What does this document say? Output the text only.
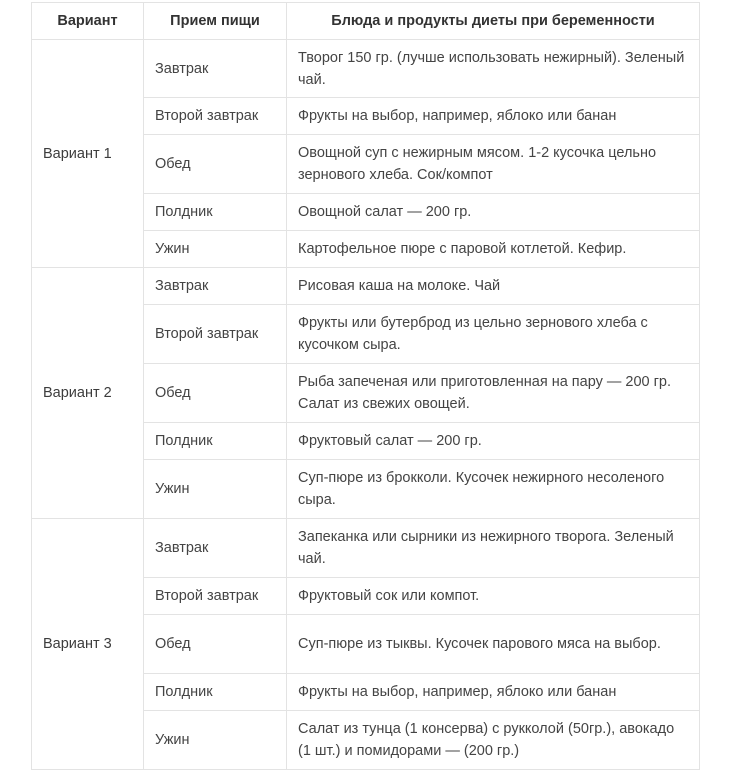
Вариант	Прием пищи	Блюда и продукты диеты при беременности
Вариант 1	Завтрак	Творог 150 гр. (лучше использовать нежирный). Зеленый чай.
	Второй завтрак	Фрукты на выбор, например, яблоко или банан
	Обед	Овощной суп с нежирным мясом. 1-2 кусочка цельно зернового хлеба. Сок/компот
	Полдник	Овощной салат — 200 гр.
	Ужин	Картофельное пюре с паровой котлетой. Кефир.
Вариант 2	Завтрак	Рисовая каша на молоке. Чай
	Второй завтрак	Фрукты или бутерброд из цельно зернового хлеба с кусочком сыра.
	Обед	Рыба запеченая или приготовленная на пару — 200 гр. Салат из свежих овощей.
	Полдник	Фруктовый салат — 200 гр.
	Ужин	Суп-пюре из брокколи. Кусочек нежирного несоленого сыра.
Вариант 3	Завтрак	Запеканка или сырники из нежирного творога. Зеленый чай.
	Второй завтрак	Фруктовый сок или компот.
	Обед	Суп-пюре из тыквы. Кусочек парового мяса на выбор.
	Полдник	Фрукты на выбор, например, яблоко или банан
	Ужин	Салат из тунца (1 консерва) с рукколой (50гр.), авокадо (1 шт.) и помидорами — (200 гр.)
